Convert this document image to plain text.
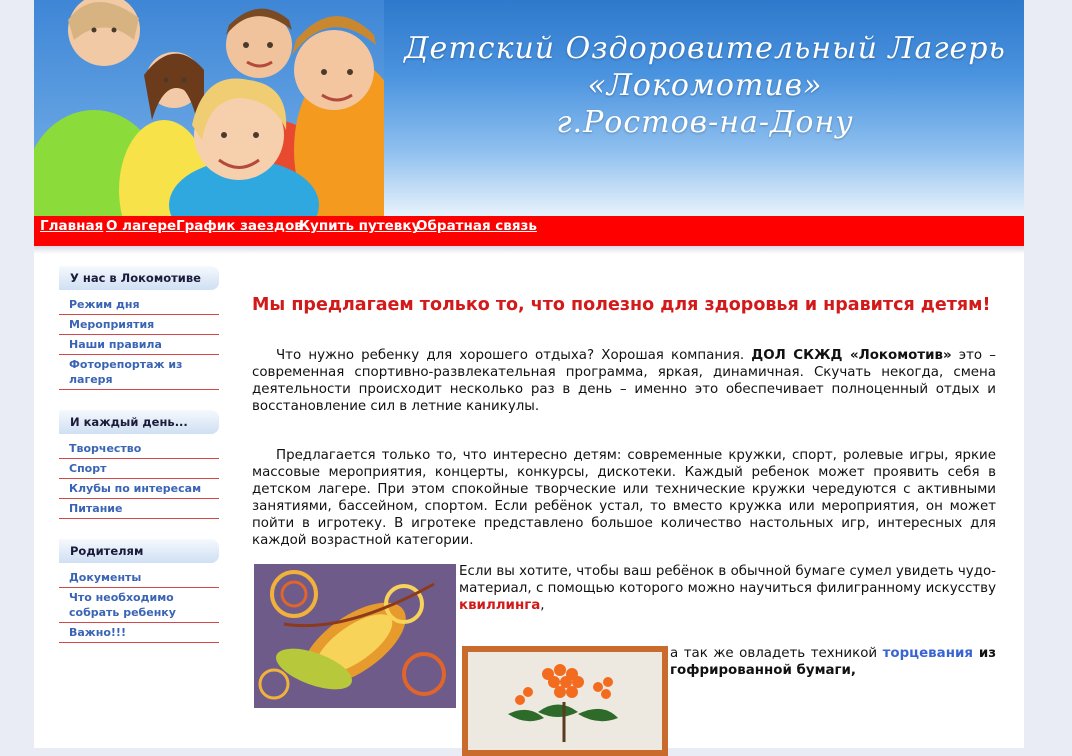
Детский Оздоровительный Лагерь
«Локомотив»
г.Ростов-на-Дону
Главная О лагере График заездов
Купить путевку
Обратная связь
У нас в Локомотиве
Режим дня
Мероприятия
Наши правила
Фоторепортаж из лагеря
И каждый день...
Творчество
Спорт
Клубы по интересам
Питание
Родителям
Документы
Что необходимо собрать ребенку
Важно!!!
Мы предлагаем только то, что полезно для здоровья и нравится детям!

Что нужно ребенку для хорошего отдыха? Хорошая компания. ДОЛ СКЖД «Локомотив» это – современная спортивно-развлекательная программа, яркая, динамичная. Скучать некогда, смена деятельности происходит несколько раз в день – именно это обеспечивает полноценный отдых и восстановление сил в летние каникулы.

Предлагается только то, что интересно детям: современные кружки, спорт, ролевые игры, яркие массовые мероприятия, концерты, конкурсы, дискотеки. Каждый ребенок может проявить себя в детском лагере. При этом спокойные творческие или технические кружки чередуются с активными занятиями, бассейном, спортом. Если ребёнок устал, то вместо кружка или мероприятия, он может пойти в игротеку. В игротеке представлено большое количество настольных игр, интересных для каждой возрастной категории.

Если вы хотите, чтобы ваш ребёнок в обычной бумаге сумел увидеть чудо-материал, с помощью которого можно научиться филигранному искусству квиллинга,

а так же овладеть техникой торцевания из гофрированной бумаги,
